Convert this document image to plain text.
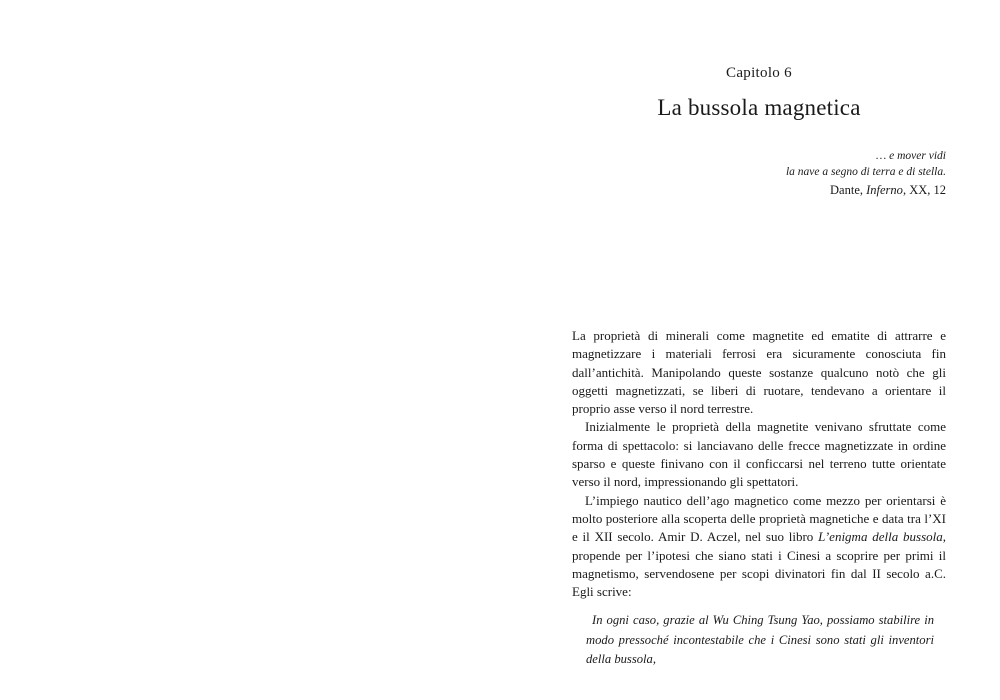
Capitolo 6
La bussola magnetica
… e mover vidi
la nave a segno di terra e di stella.
Dante, Inferno, XX, 12

La proprietà di minerali come magnetite ed ematite di attrarre e magnetizzare i materiali ferrosi era sicuramente conosciuta fin dall’antichità. Manipolando queste sostanze qualcuno notò che gli oggetti magnetizzati, se liberi di ruotare, tendevano a orientare il proprio asse verso il nord terrestre.

Inizialmente le proprietà della magnetite venivano sfruttate come forma di spettacolo: si lanciavano delle frecce magnetizzate in ordine sparso e queste finivano con il conficcarsi nel terreno tutte orientate verso il nord, impressionando gli spettatori.

L’impiego nautico dell’ago magnetico come mezzo per orientarsi è molto posteriore alla scoperta delle proprietà magnetiche e data tra l’XI e il XII secolo. Amir D. Aczel, nel suo libro L’enigma della bussola, propende per l’ipotesi che siano stati i Cinesi a scoprire per primi il magnetismo, servendosene per scopi divinatori fin dal II secolo a.C. Egli scrive:

In ogni caso, grazie al Wu Ching Tsung Yao, possiamo stabilire in modo pressoché incontestabile che i Cinesi sono stati gli inventori della bussola,
